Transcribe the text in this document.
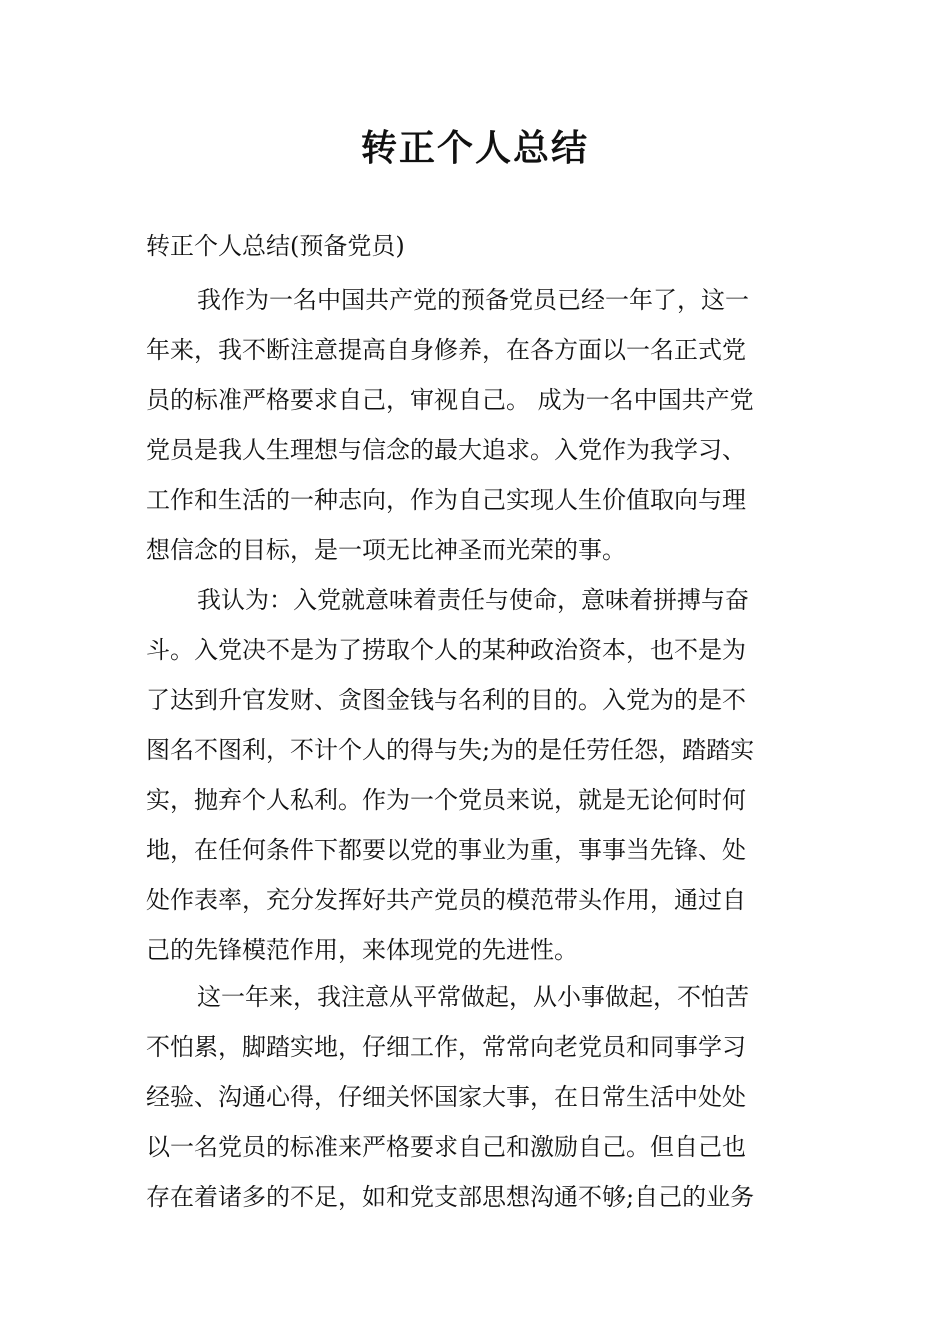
转正个人总结
转正个人总结(预备党员)
我作为一名中国共产党的预备党员已经一年了，这一
年来，我不断注意提高自身修养，在各方面以一名正式党
员的标准严格要求自己，审视自己。 成为一名中国共产党
党员是我人生理想与信念的最大追求。入党作为我学习、
工作和生活的一种志向，作为自己实现人生价值取向与理
想信念的目标，是一项无比神圣而光荣的事。
我认为：入党就意味着责任与使命，意味着拼搏与奋
斗。入党决不是为了捞取个人的某种政治资本，也不是为
了达到升官发财、贪图金钱与名利的目的。入党为的是不
图名不图利，不计个人的得与失;为的是任劳任怨，踏踏实
实，抛弃个人私利。作为一个党员来说，就是无论何时何
地，在任何条件下都要以党的事业为重，事事当先锋、处
处作表率，充分发挥好共产党员的模范带头作用，通过自
己的先锋模范作用，来体现党的先进性。
这一年来，我注意从平常做起，从小事做起，不怕苦
不怕累，脚踏实地，仔细工作，常常向老党员和同事学习
经验、沟通心得，仔细关怀国家大事，在日常生活中处处
以一名党员的标准来严格要求自己和激励自己。但自己也
存在着诸多的不足，如和党支部思想沟通不够;自己的业务
